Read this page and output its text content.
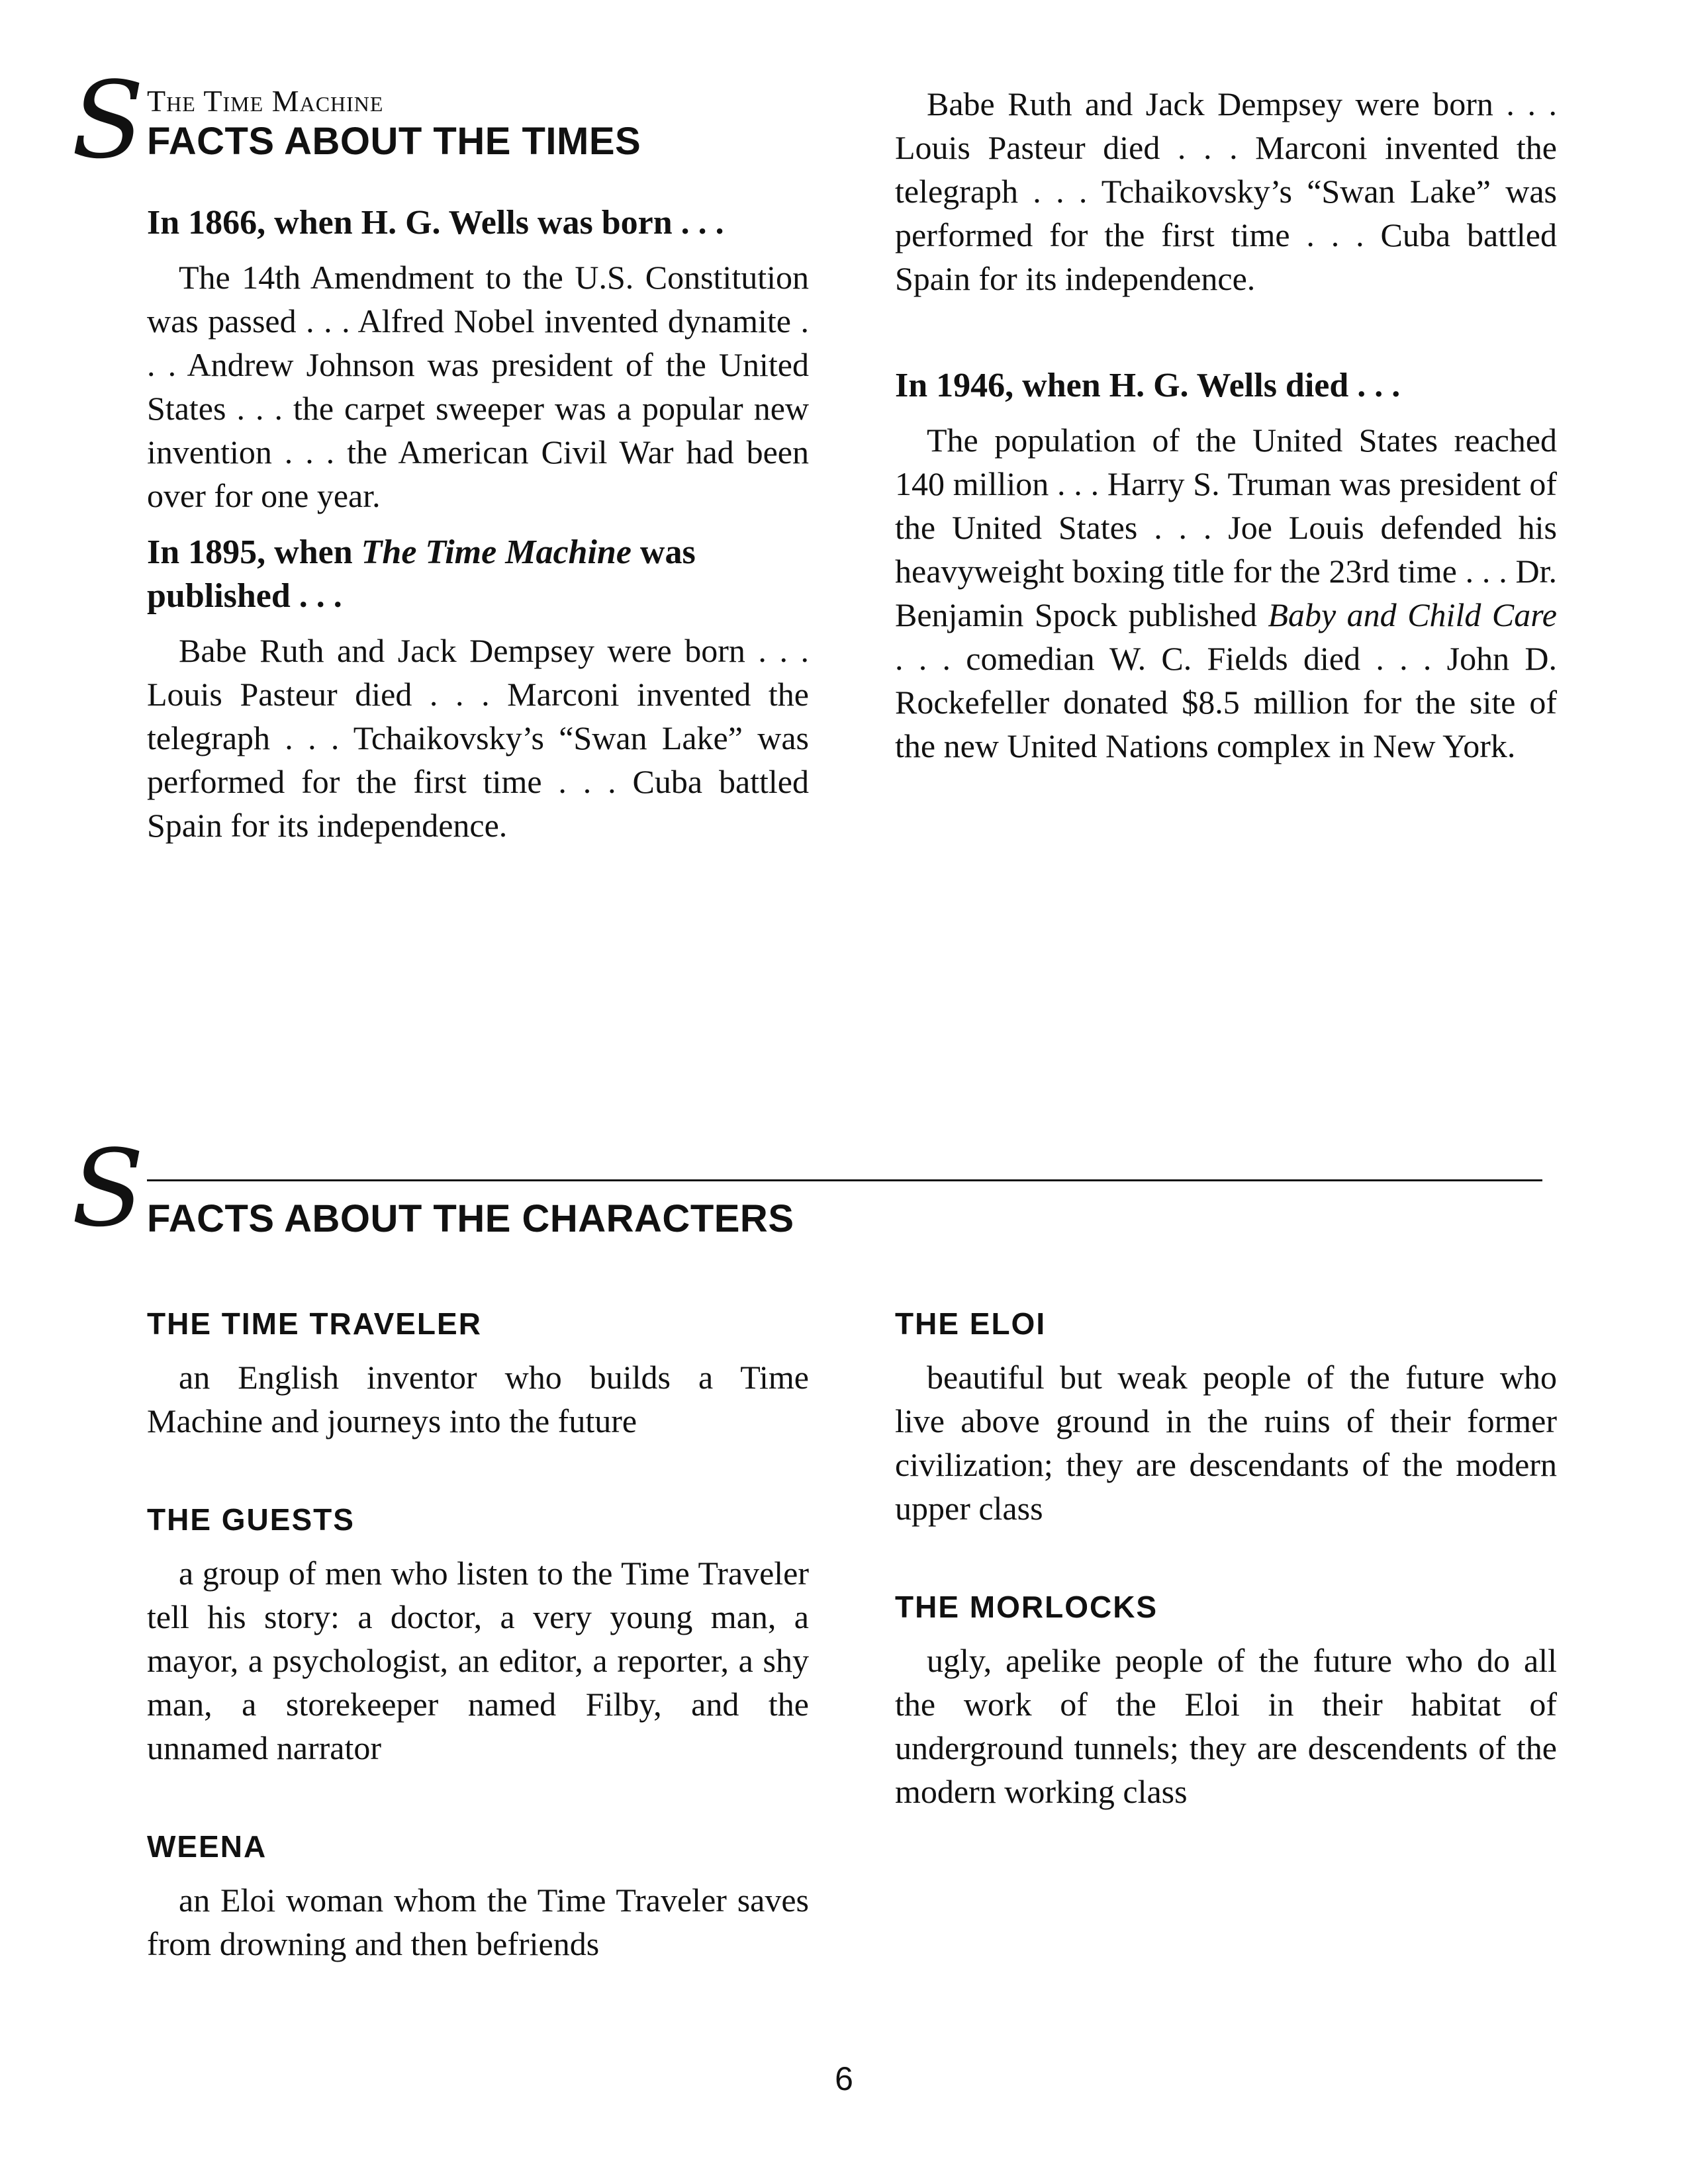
S The Time Machine
FACTS ABOUT THE TIMES
In 1866, when H. G. Wells was born . . .

The 14th Amendment to the U.S. Constitution was passed . . . Alfred Nobel invented dynamite . . . Andrew Johnson was president of the United States . . . the carpet sweeper was a popular new invention . . . the American Civil War had been over for one year.

In 1895, when The Time Machine was published . . .

Babe Ruth and Jack Dempsey were born . . . Louis Pasteur died . . . Marconi invented the telegraph . . . Tchaikovsky’s “Swan Lake” was performed for the first time . . . Cuba battled Spain for its independence.

Babe Ruth and Jack Dempsey were born . . . Louis Pasteur died . . . Marconi invented the telegraph . . . Tchaikovsky’s “Swan Lake” was performed for the first time . . . Cuba battled Spain for its independence.

In 1946, when H. G. Wells died . . .

The population of the United States reached 140 million . . . Harry S. Truman was president of the United States . . . Joe Louis defended his heavyweight boxing title for the 23rd time . . . Dr. Benjamin Spock published Baby and Child Care . . . comedian W. C. Fields died . . . John D. Rockefeller donated $8.5 million for the site of the new United Nations complex in New York.

S FACTS ABOUT THE CHARACTERS
THE TIME TRAVELER

an English inventor who builds a Time Machine and journeys into the future

THE GUESTS

a group of men who listen to the Time Traveler tell his story: a doctor, a very young man, a mayor, a psychologist, an editor, a reporter, a shy man, a storekeeper named Filby, and the unnamed narrator

WEENA

an Eloi woman whom the Time Traveler saves from drowning and then befriends

THE ELOI

beautiful but weak people of the future who live above ground in the ruins of their former civilization; they are descendants of the modern upper class

THE MORLOCKS

ugly, apelike people of the future who do all the work of the Eloi in their habitat of underground tunnels; they are descendents of the modern working class

6
